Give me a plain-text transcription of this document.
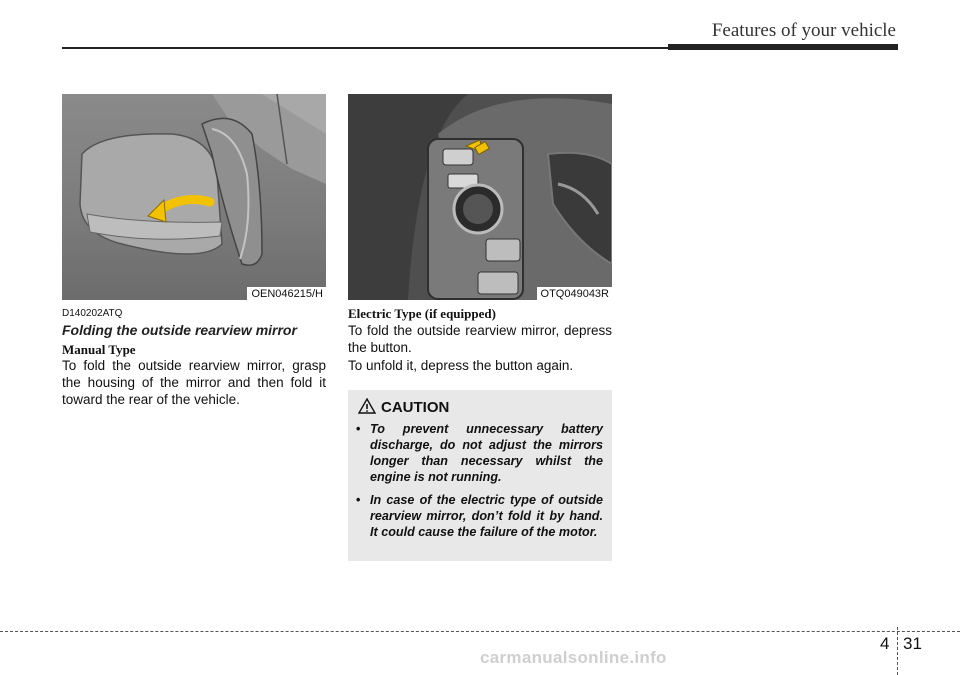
Features of your vehicle
OEN046215/H	OTQ049043R
D140202ATQ
Folding the outside rearview mirror
Manual Type
To fold the outside rearview mirror, grasp the housing of the mirror and then fold it toward the rear of the vehicle.
Electric Type (if equipped)
To fold the outside rearview mirror, depress the button.
To unfold it, depress the button again.
CAUTION
• To prevent unnecessary battery discharge, do not adjust the mirrors longer than necessary whilst the engine is not running.
• In case of the electric type of outside rearview mirror, don’t fold it by hand. It could cause the failure of the motor.
4 31
carmanualsonline.info
